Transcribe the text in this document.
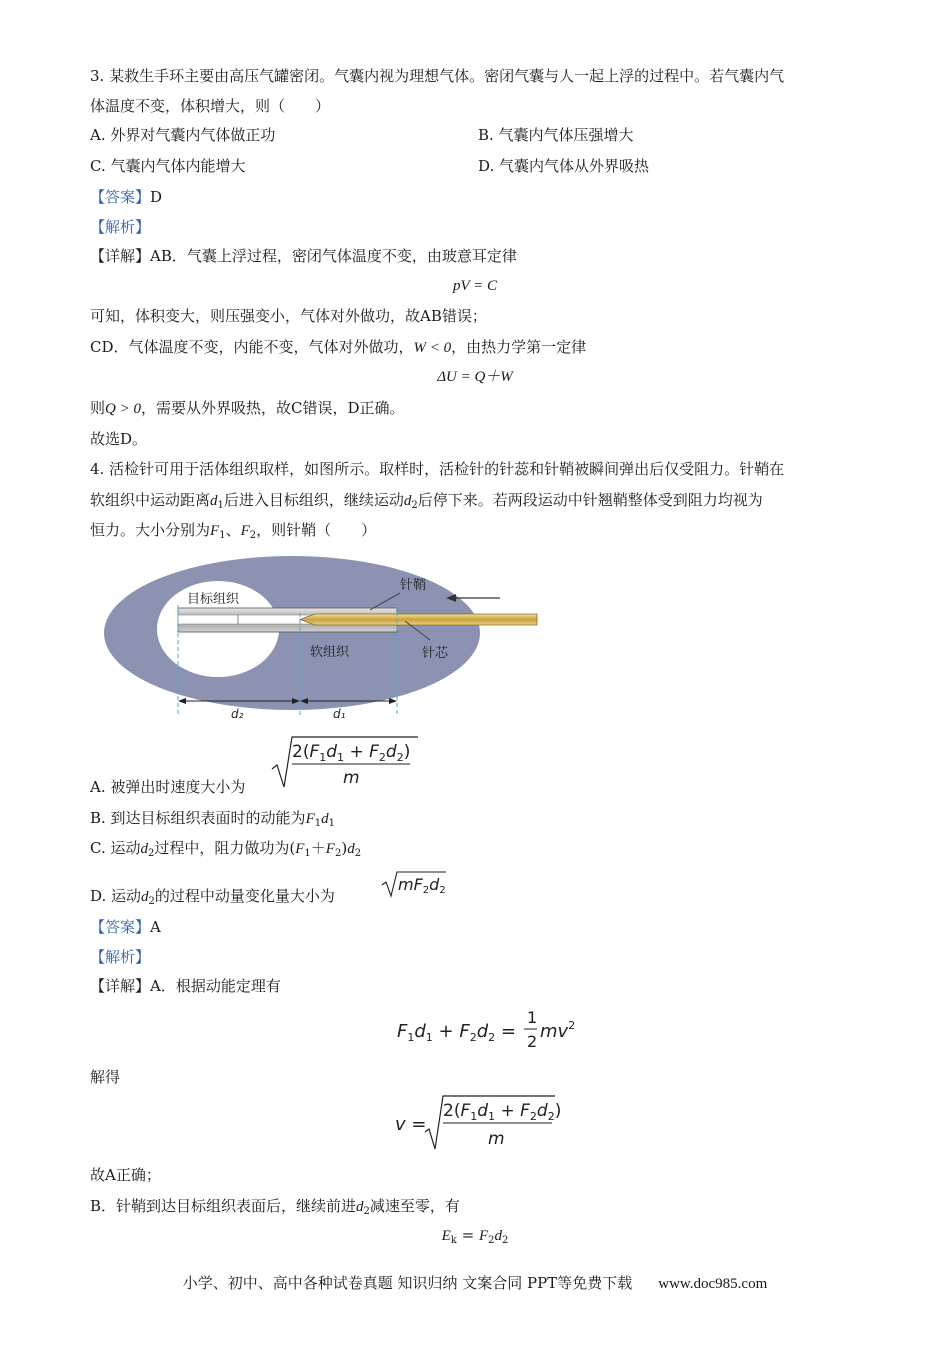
3. 某救生手环主要由高压气罐密闭。气囊内视为理想气体。密闭气囊与人一起上浮的过程中。若气囊内气
体温度不变，体积增大，则（　　）
A. 外界对气囊内气体做正功	B. 气囊内气体压强增大
C. 气囊内气体内能增大	D. 气囊内气体从外界吸热
【答案】D
【解析】
【详解】AB．气囊上浮过程，密闭气体温度不变，由玻意耳定律
pV = C
可知，体积变大，则压强变小，气体对外做功，故AB错误；
CD．气体温度不变，内能不变，气体对外做功，W < 0，由热力学第一定律
ΔU = Q＋W
则Q > 0，需要从外界吸热，故C错误，D正确。
故选D。
4. 活检针可用于活体组织取样，如图所示。取样时，活检针的针蕊和针鞘被瞬间弹出后仅受阻力。针鞘在
软组织中运动距离$d_1$后进入目标组织，继续运动$d_2$后停下来。若两段运动中针翘鞘整体受到阻力均视为
恒力。大小分别为$F_1$、$F_2$，则针鞘（　　）
目标组织
软组织
针鞘
针芯
d₂	d₁
A. 被弹出时速度大小为
$2(F_1d_1 + F_2d_2)$
m
B. 到达目标组织表面时的动能为$F_1d_1$
C. 运动$d_2$过程中，阻力做功为$(F_1+F_2)d_2$
D. 运动$d_2$的过程中动量变化量大小为
mF2d2
【答案】A
【解析】
【详解】A．根据动能定理有
$F_1d_1 + F_2d_2$ =
1
2 $mv^2$
解得
v =
$2(F_1d_1 + F_2d_2)$
m
故A正确；
B．针鞘到达目标组织表面后，继续前进$d_2$减速至零，有
$E_k = F_2d_2$
小学、初中、高中各种试卷真题 知识归纳 文案合同 PPT等免费下载 www.doc985.com
